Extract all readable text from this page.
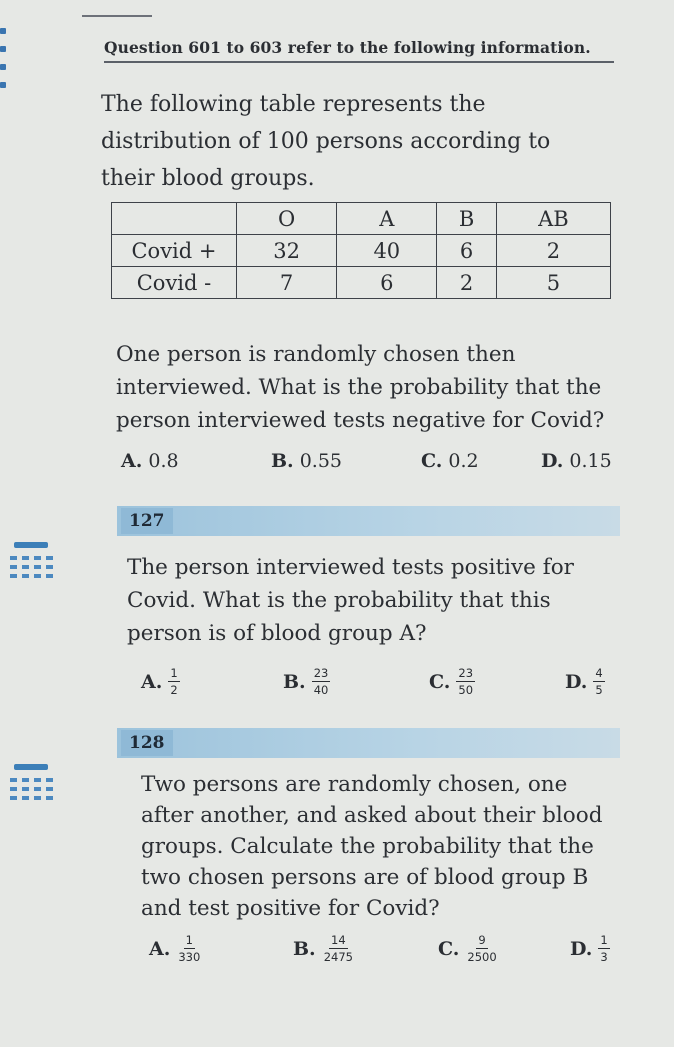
Question 601 to 603 refer to the following information.
The following table represents the distribution of 100 persons according to their blood groups.
	O	A	B	AB
Covid +	32	40	6	2
Covid -	7	6	2	5
One person is randomly chosen then interviewed. What is the probability that the person interviewed tests negative for Covid?
A. 0.8	B. 0.55	C. 0.2	D. 0.15
127
The person interviewed tests positive for Covid. What is the probability that this person is of blood group A?
A. $\frac{1}{2}$	B. $\frac{23}{40}$	C. $\frac{23}{50}$	D. $\frac{4}{5}$
128
Two persons are randomly chosen, one after another, and asked about their blood groups. Calculate the probability that the two chosen persons are of blood group B and test positive for Covid?
A. $\frac{1}{330}$	B. $\frac{14}{2475}$	C. $\frac{9}{2500}$	D. $\frac{1}{3}$
